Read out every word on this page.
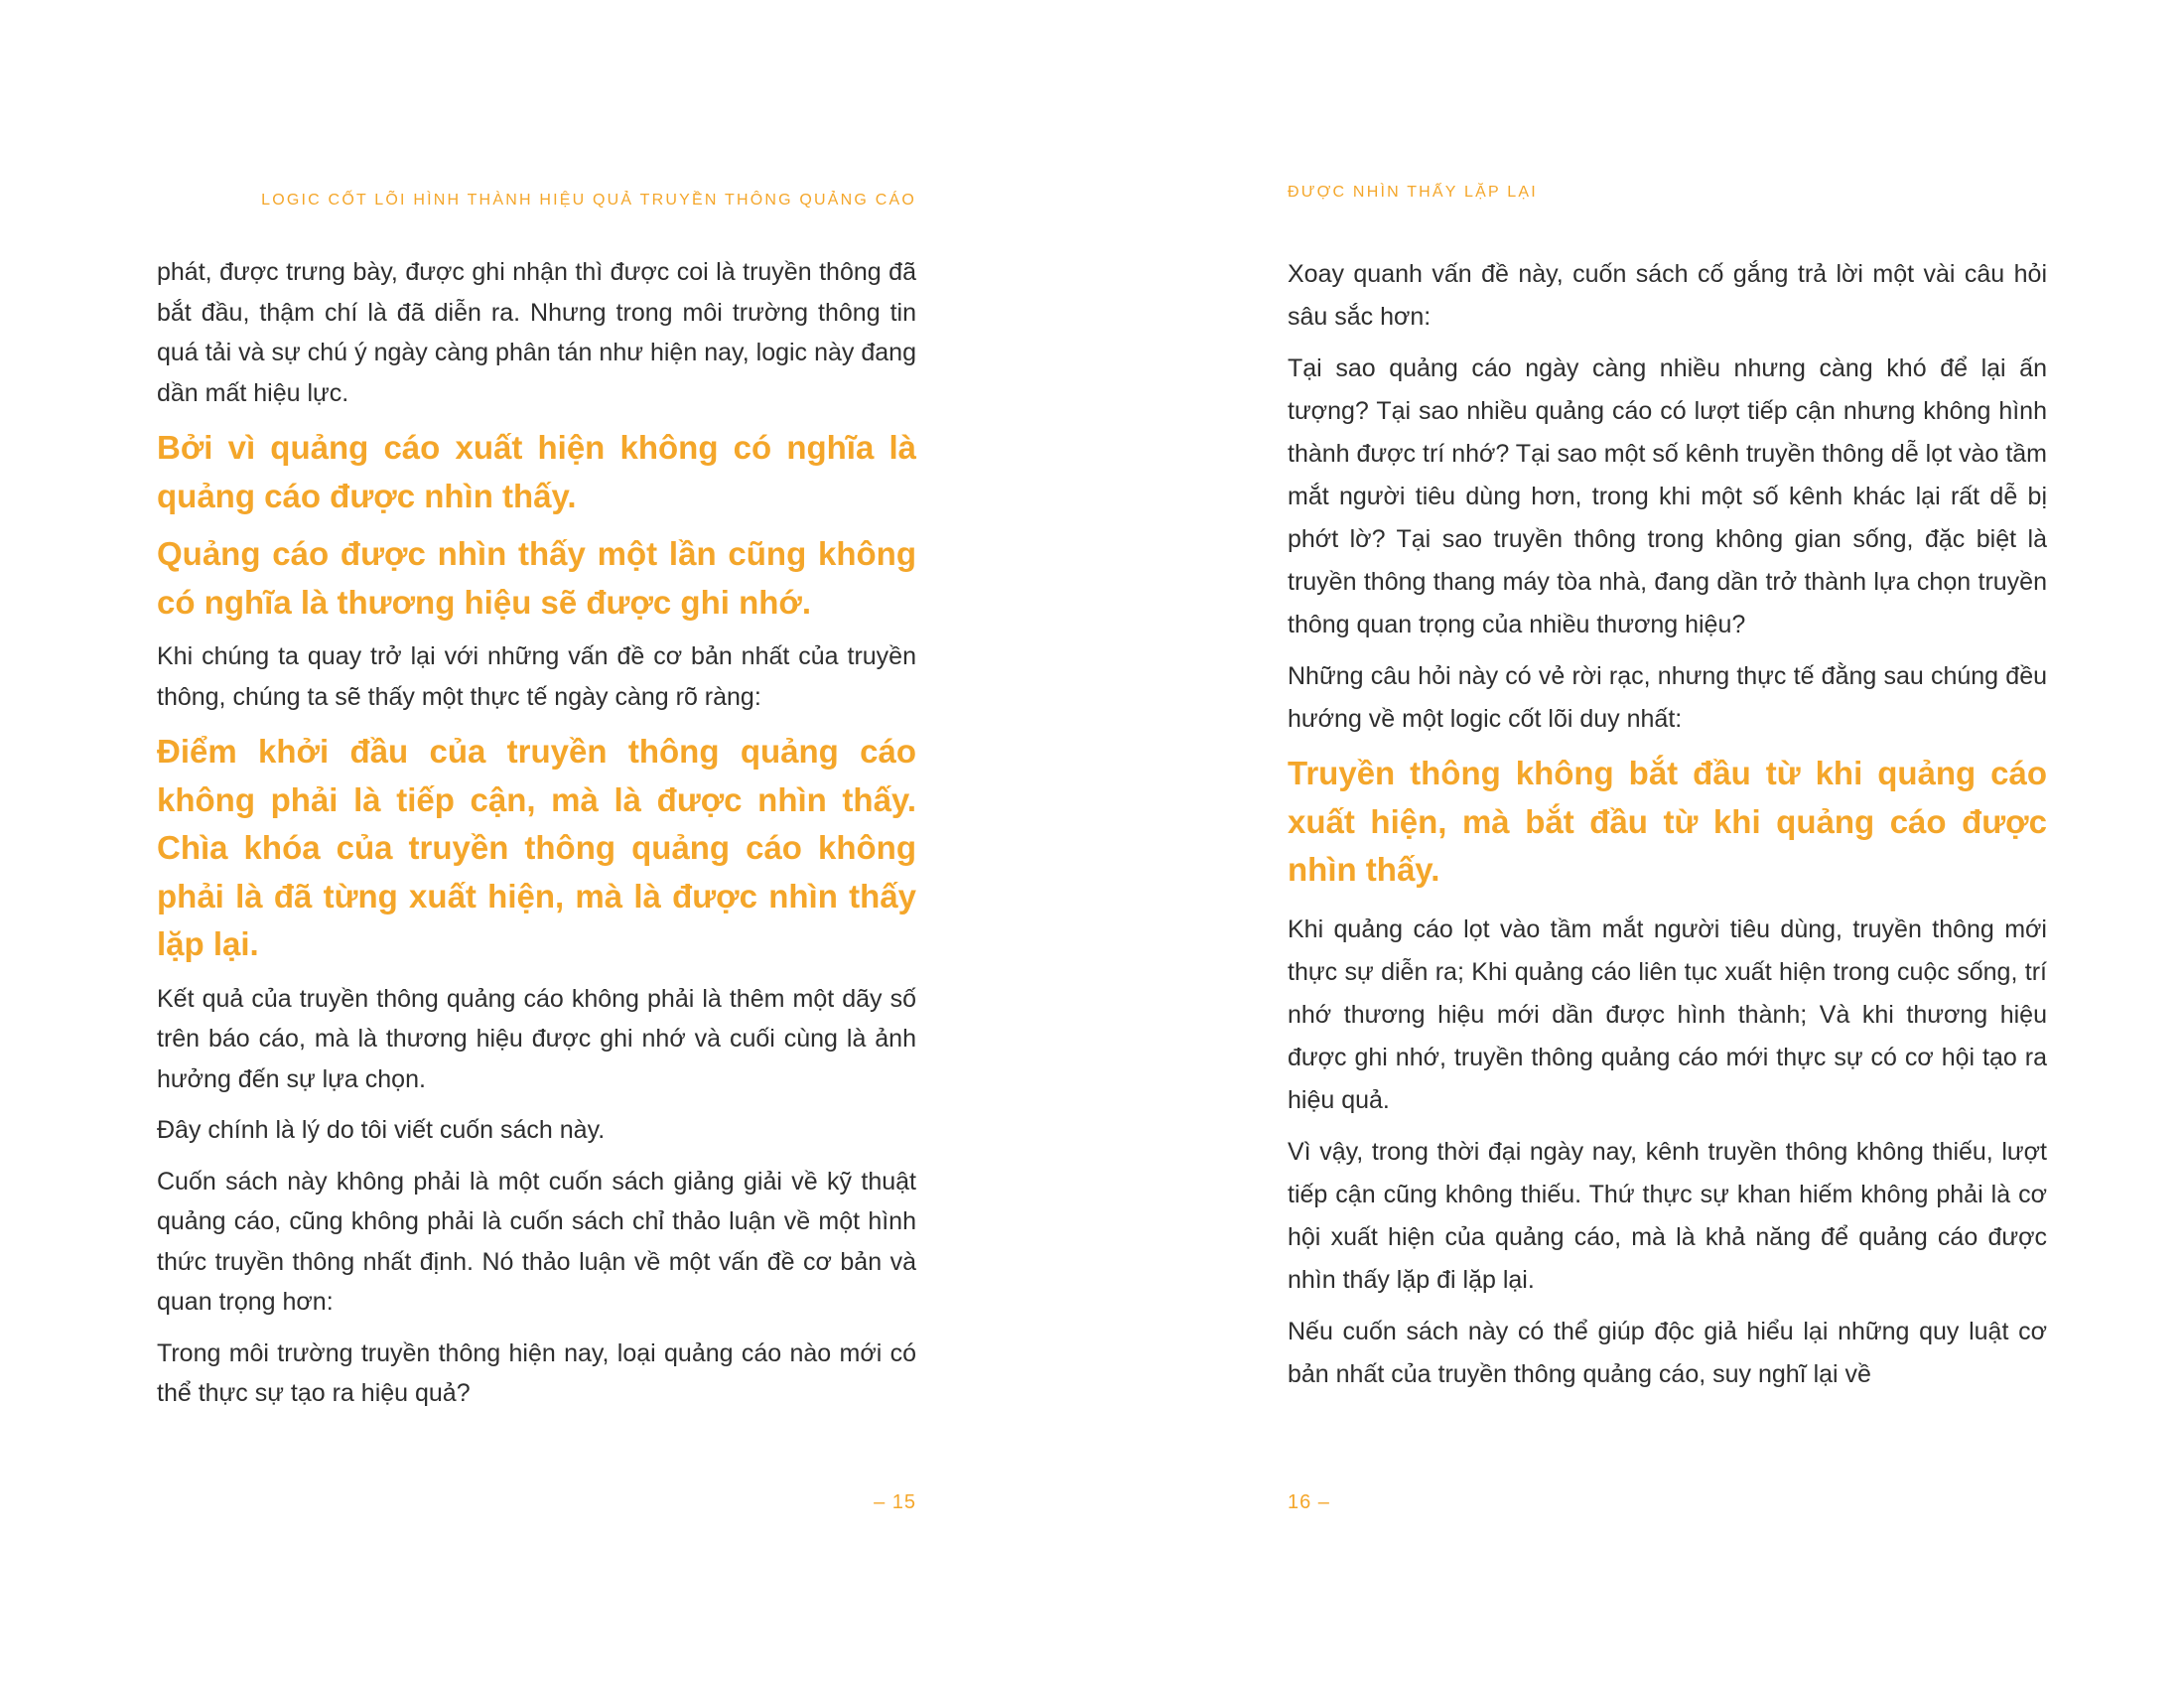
LOGIC CỐT LÕI HÌNH THÀNH HIỆU QUẢ TRUYỀN THÔNG QUẢNG CÁO

phát, được trưng bày, được ghi nhận thì được coi là truyền thông đã bắt đầu, thậm chí là đã diễn ra. Nhưng trong môi trường thông tin quá tải và sự chú ý ngày càng phân tán như hiện nay, logic này đang dần mất hiệu lực.

Bởi vì quảng cáo xuất hiện không có nghĩa là quảng cáo được nhìn thấy.

Quảng cáo được nhìn thấy một lần cũng không có nghĩa là thương hiệu sẽ được ghi nhớ.

Khi chúng ta quay trở lại với những vấn đề cơ bản nhất của truyền thông, chúng ta sẽ thấy một thực tế ngày càng rõ ràng:

Điểm khởi đầu của truyền thông quảng cáo không phải là tiếp cận, mà là được nhìn thấy. Chìa khóa của truyền thông quảng cáo không phải là đã từng xuất hiện, mà là được nhìn thấy lặp lại.

Kết quả của truyền thông quảng cáo không phải là thêm một dãy số trên báo cáo, mà là thương hiệu được ghi nhớ và cuối cùng là ảnh hưởng đến sự lựa chọn.

Đây chính là lý do tôi viết cuốn sách này.

Cuốn sách này không phải là một cuốn sách giảng giải về kỹ thuật quảng cáo, cũng không phải là cuốn sách chỉ thảo luận về một hình thức truyền thông nhất định. Nó thảo luận về một vấn đề cơ bản và quan trọng hơn:

Trong môi trường truyền thông hiện nay, loại quảng cáo nào mới có thể thực sự tạo ra hiệu quả?

– 15
ĐƯỢC NHÌN THẤY LẶP LẠI

Xoay quanh vấn đề này, cuốn sách cố gắng trả lời một vài câu hỏi sâu sắc hơn:

Tại sao quảng cáo ngày càng nhiều nhưng càng khó để lại ấn tượng? Tại sao nhiều quảng cáo có lượt tiếp cận nhưng không hình thành được trí nhớ? Tại sao một số kênh truyền thông dễ lọt vào tầm mắt người tiêu dùng hơn, trong khi một số kênh khác lại rất dễ bị phớt lờ? Tại sao truyền thông trong không gian sống, đặc biệt là truyền thông thang máy tòa nhà, đang dần trở thành lựa chọn truyền thông quan trọng của nhiều thương hiệu?

Những câu hỏi này có vẻ rời rạc, nhưng thực tế đằng sau chúng đều hướng về một logic cốt lõi duy nhất:

Truyền thông không bắt đầu từ khi quảng cáo xuất hiện, mà bắt đầu từ khi quảng cáo được nhìn thấy.

Khi quảng cáo lọt vào tầm mắt người tiêu dùng, truyền thông mới thực sự diễn ra; Khi quảng cáo liên tục xuất hiện trong cuộc sống, trí nhớ thương hiệu mới dần được hình thành; Và khi thương hiệu được ghi nhớ, truyền thông quảng cáo mới thực sự có cơ hội tạo ra hiệu quả.

Vì vậy, trong thời đại ngày nay, kênh truyền thông không thiếu, lượt tiếp cận cũng không thiếu. Thứ thực sự khan hiếm không phải là cơ hội xuất hiện của quảng cáo, mà là khả năng để quảng cáo được nhìn thấy lặp đi lặp lại.

Nếu cuốn sách này có thể giúp độc giả hiểu lại những quy luật cơ bản nhất của truyền thông quảng cáo, suy nghĩ lại về

16 –
